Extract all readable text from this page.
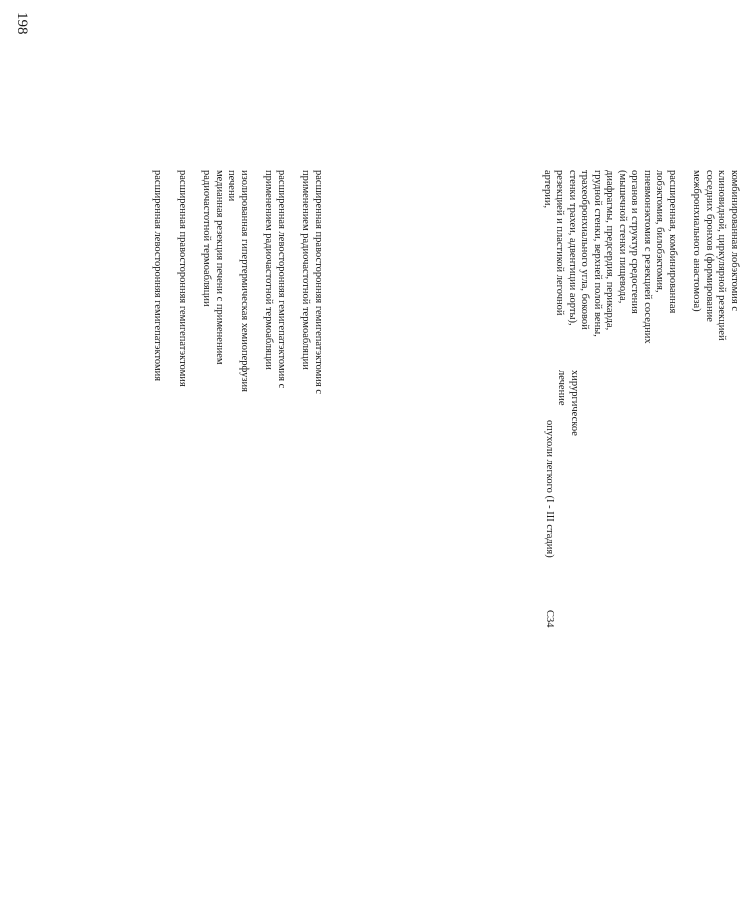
198

расширенная правосторонняя гемигепатэктомия с применением радиочастотной термоабляции

расширенная левосторонняя гемигепатэктомия с применением радиочастотной термоабляции

изолированная гипертермическая хемиоперфузия печени

медианная резекция печени с применением радиочастотной термоабляции

расширенная правосторонняя гемигепатэктомия

расширенная левосторонняя гемигепатэктомия

C34
опухоли легкого (I - III стадия)
хирургическое лечение

комбинированная лобэктомия с клиновидной, циркулярной резекцией соседних бронхов (формирование межбронхиального анастомоза)

расширенная, комбинированная лобэктомия, билобэктомия, пневмонэктомия с резекцией соседних органов и структур средостения (мышечной стенки пищевода, диафрагмы, предсердия, перикарда, грудной стенки, верхней полой вены, трахеобронхиального угла, боковой стенки трахеи, адвентиции аорты), резекцией и пластикой легочной артерии,
